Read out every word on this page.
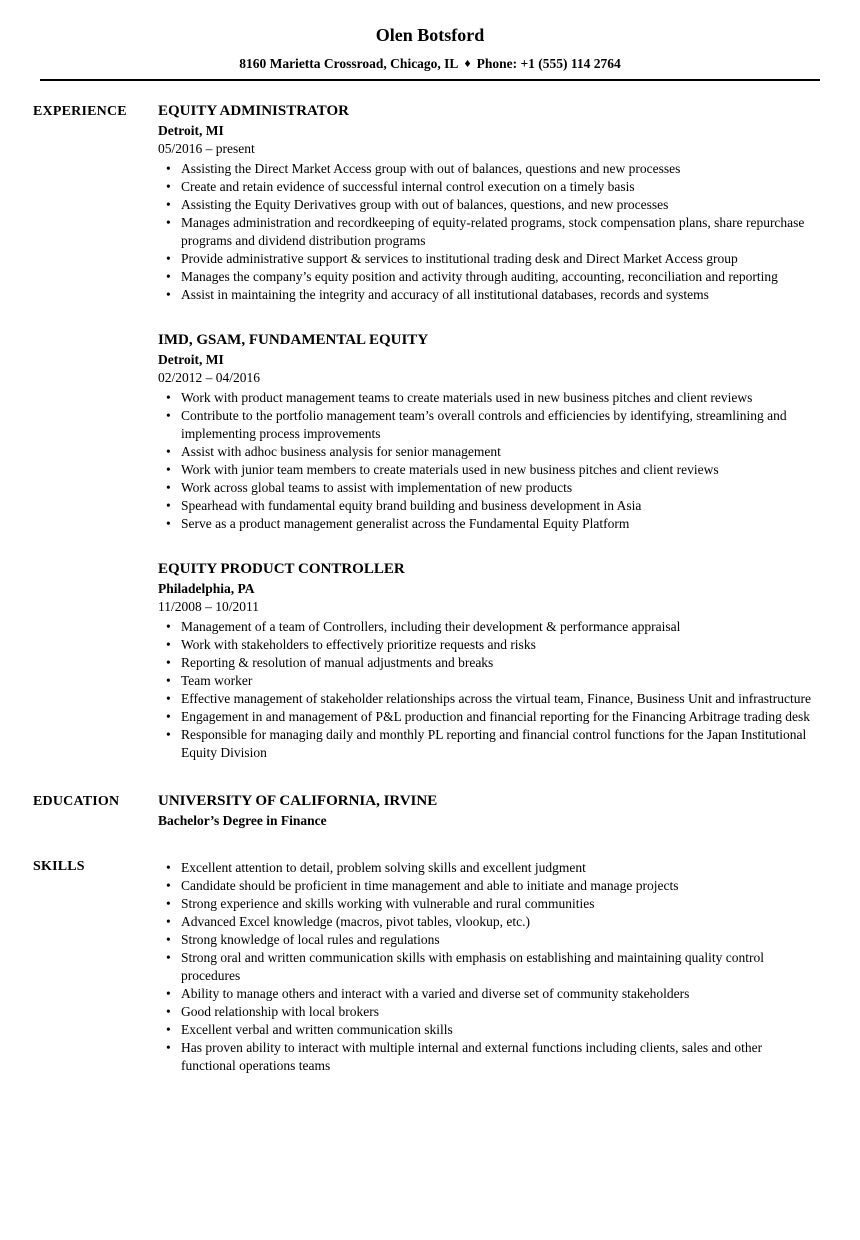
Olen Botsford
8160 Marietta Crossroad, Chicago, IL ♦ Phone: +1 (555) 114 2764
EXPERIENCE	EQUITY ADMINISTRATOR
Detroit, MI
05/2016 – present
• Assisting the Direct Market Access group with out of balances, questions and new processes
• Create and retain evidence of successful internal control execution on a timely basis
• Assisting the Equity Derivatives group with out of balances, questions, and new processes
• Manages administration and recordkeeping of equity-related programs, stock compensation plans, share repurchase programs and dividend distribution programs
• Provide administrative support & services to institutional trading desk and Direct Market Access group
• Manages the company’s equity position and activity through auditing, accounting, reconciliation and reporting
• Assist in maintaining the integrity and accuracy of all institutional databases, records and systems
IMD, GSAM, FUNDAMENTAL EQUITY
Detroit, MI
02/2012 – 04/2016
• Work with product management teams to create materials used in new business pitches and client reviews
• Contribute to the portfolio management team’s overall controls and efficiencies by identifying, streamlining and implementing process improvements
• Assist with adhoc business analysis for senior management
• Work with junior team members to create materials used in new business pitches and client reviews
• Work across global teams to assist with implementation of new products
• Spearhead with fundamental equity brand building and business development in Asia
• Serve as a product management generalist across the Fundamental Equity Platform
EQUITY PRODUCT CONTROLLER
Philadelphia, PA
11/2008 – 10/2011
• Management of a team of Controllers, including their development & performance appraisal
• Work with stakeholders to effectively prioritize requests and risks
• Reporting & resolution of manual adjustments and breaks
• Team worker
• Effective management of stakeholder relationships across the virtual team, Finance, Business Unit and infrastructure
• Engagement in and management of P&L production and financial reporting for the Financing Arbitrage trading desk
• Responsible for managing daily and monthly PL reporting and financial control functions for the Japan Institutional Equity Division
EDUCATION	UNIVERSITY OF CALIFORNIA, IRVINE
Bachelor’s Degree in Finance
SKILLS	• Excellent attention to detail, problem solving skills and excellent judgment
• Candidate should be proficient in time management and able to initiate and manage projects
• Strong experience and skills working with vulnerable and rural communities
• Advanced Excel knowledge (macros, pivot tables, vlookup, etc.)
• Strong knowledge of local rules and regulations
• Strong oral and written communication skills with emphasis on establishing and maintaining quality control procedures
• Ability to manage others and interact with a varied and diverse set of community stakeholders
• Good relationship with local brokers
• Excellent verbal and written communication skills
• Has proven ability to interact with multiple internal and external functions including clients, sales and other functional operations teams
